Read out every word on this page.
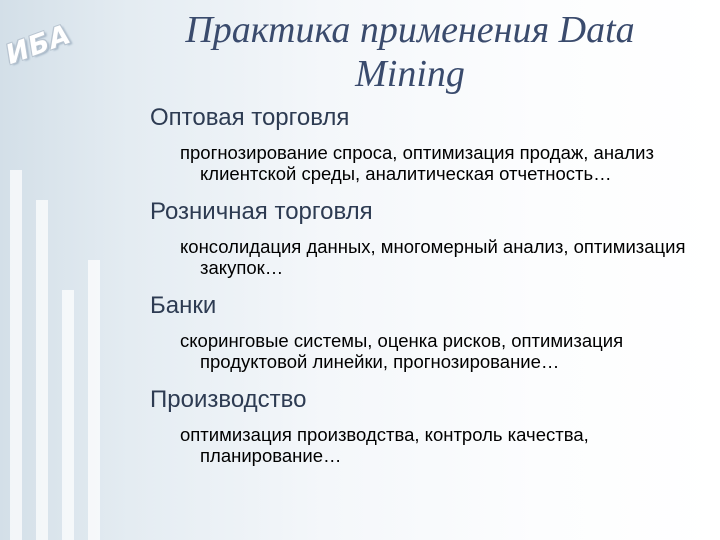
ИБА	Практика применения Data Mining

Оптовая торговля

прогнозирование спроса, оптимизация продаж, анализ клиентской среды, аналитическая отчетность…

Розничная торговля

консолидация данных, многомерный анализ, оптимизация закупок…

Банки

скоринговые системы, оценка рисков, оптимизация продуктовой линейки, прогнозирование…

Производство

оптимизация производства, контроль качества, планирование…
